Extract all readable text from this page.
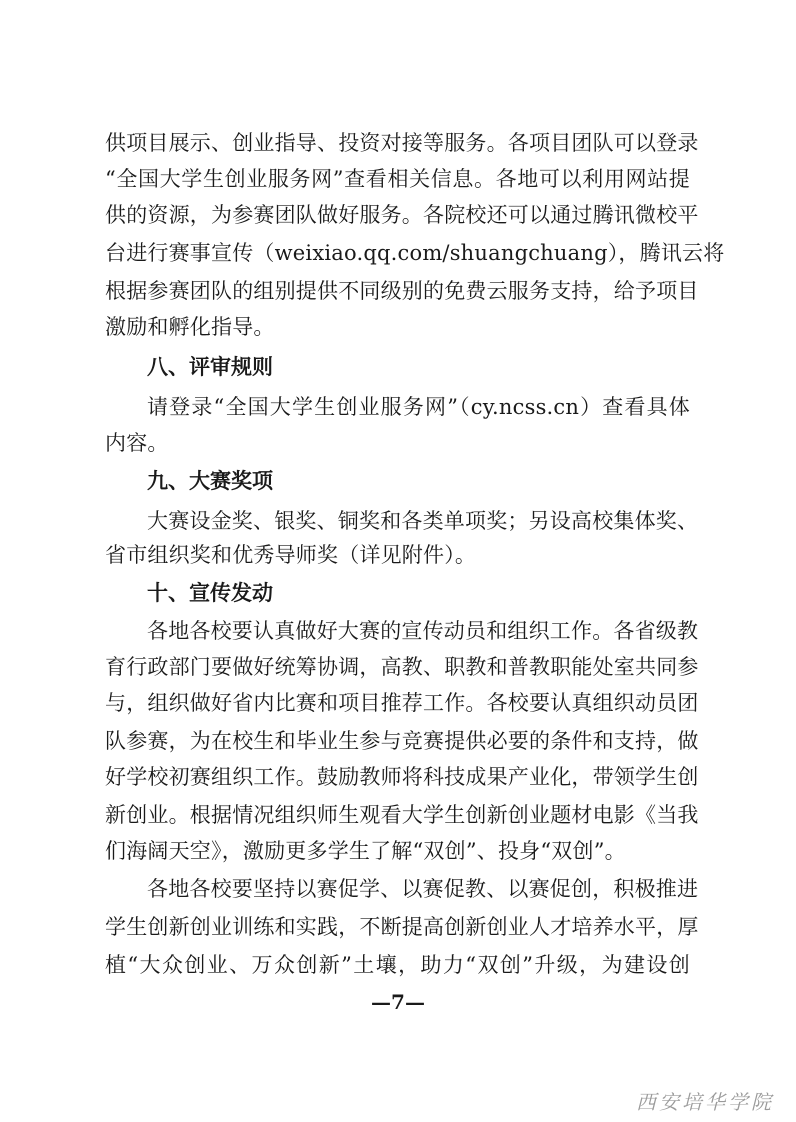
供项目展示、创业指导、投资对接等服务。各项目团队可以登录
“全国大学生创业服务网”查看相关信息。各地可以利用网站提
供的资源，为参赛团队做好服务。各院校还可以通过腾讯微校平
台进行赛事宣传（weixiao.qq.com/shuangchuang），腾讯云将
根据参赛团队的组别提供不同级别的免费云服务支持，给予项目
激励和孵化指导。
八、评审规则
请登录“全国大学生创业服务网”（cy.ncss.cn）查看具体
内容。
九、大赛奖项
大赛设金奖、银奖、铜奖和各类单项奖；另设高校集体奖、
省市组织奖和优秀导师奖（详见附件）。
十、宣传发动
各地各校要认真做好大赛的宣传动员和组织工作。各省级教
育行政部门要做好统筹协调，高教、职教和普教职能处室共同参
与，组织做好省内比赛和项目推荐工作。各校要认真组织动员团
队参赛，为在校生和毕业生参与竞赛提供必要的条件和支持，做
好学校初赛组织工作。鼓励教师将科技成果产业化，带领学生创
新创业。根据情况组织师生观看大学生创新创业题材电影《当我
们海阔天空》，激励更多学生了解“双创”、投身“双创”。
各地各校要坚持以赛促学、以赛促教、以赛促创，积极推进
学生创新创业训练和实践，不断提高创新创业人才培养水平，厚
植“大众创业、万众创新”土壤，助力“双创”升级，为建设创
—7—
西安培华学院
